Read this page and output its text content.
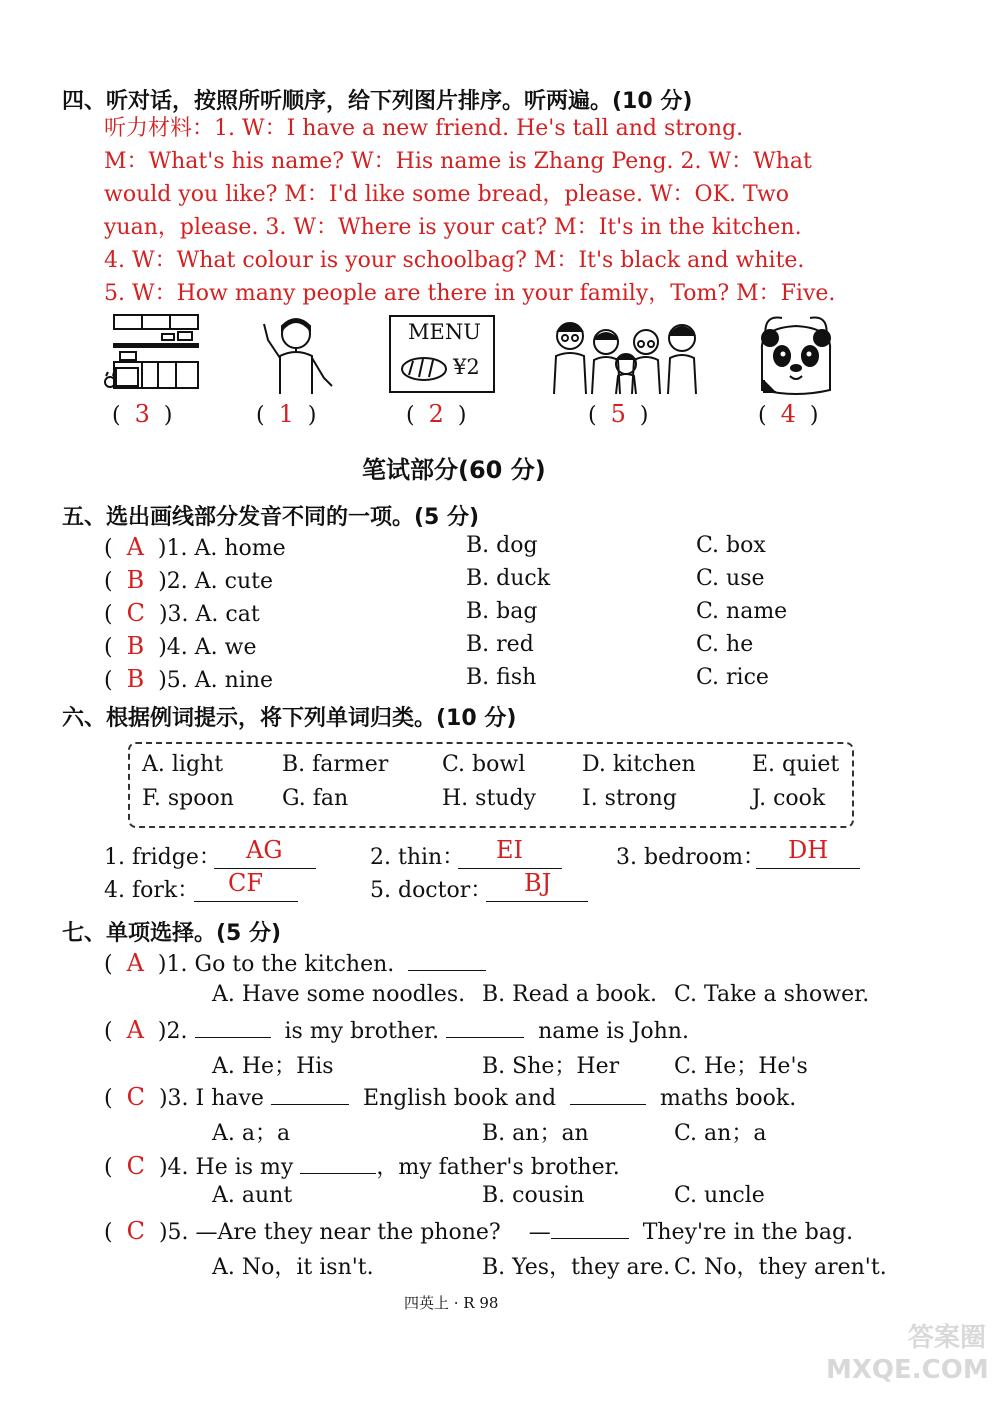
四、听对话，按照所听顺序，给下列图片排序。听两遍。(10 分)
听力材料：1. W：I have a new friend. He's tall and strong.
M：What's his name? W：His name is Zhang Peng. 2. W：What
would you like? M：I'd like some bread，please. W：OK. Two
yuan，please. 3. W：Where is your cat? M：It's in the kitchen.
4. W：What colour is your schoolbag? M：It's black and white.
5. W：How many people are there in your family，Tom? M：Five.
MENU
¥2
(  3  )	(  1  )	(  2  )	(  5  )	(  4  )
笔试部分(60 分)
五、选出画线部分发音不同的一项。(5 分)
六、根据例词提示，将下列单词归类。(10 分)
七、单项选择。(5 分)
四英上 · R 98
答案圈 MXQE.COM
(  A )1. A. home	B. dog	C. box
(  B )2. A. cute	B. duck	C. use
(  C )3. A. cat	B. bag	C. name
(  B )4. A. we	B. red	C. he
(  B )5. A. nine	B. fish	C. rice
A. light	B. farmer C. bowl	D. kitchen	E. quiet
F. spoon G. fan	H. study I. strong	J. cook
1. fridge： AG	2. thin： EI	3. bedroom： DH
4. fork： CF	5. doctor： BJ
(  A )1. Go to the kitchen.
(  A )2.	is my brother.	name is John.
(  C )3. I have	English book and	maths book.
(  C )4. He is my	，my father's brother.
(  C )5. —Are they near the phone? —	They're in the bag.
A. Have some noodles. B. Read a book. C. Take a shower.
A. He；His	B. She；Her C. He；He's
A. a；a	B. an；an	C. an；a
A. aunt	B. cousin	C. uncle
A. No，it isn't.	B. Yes，they are. C. No，they aren't.
